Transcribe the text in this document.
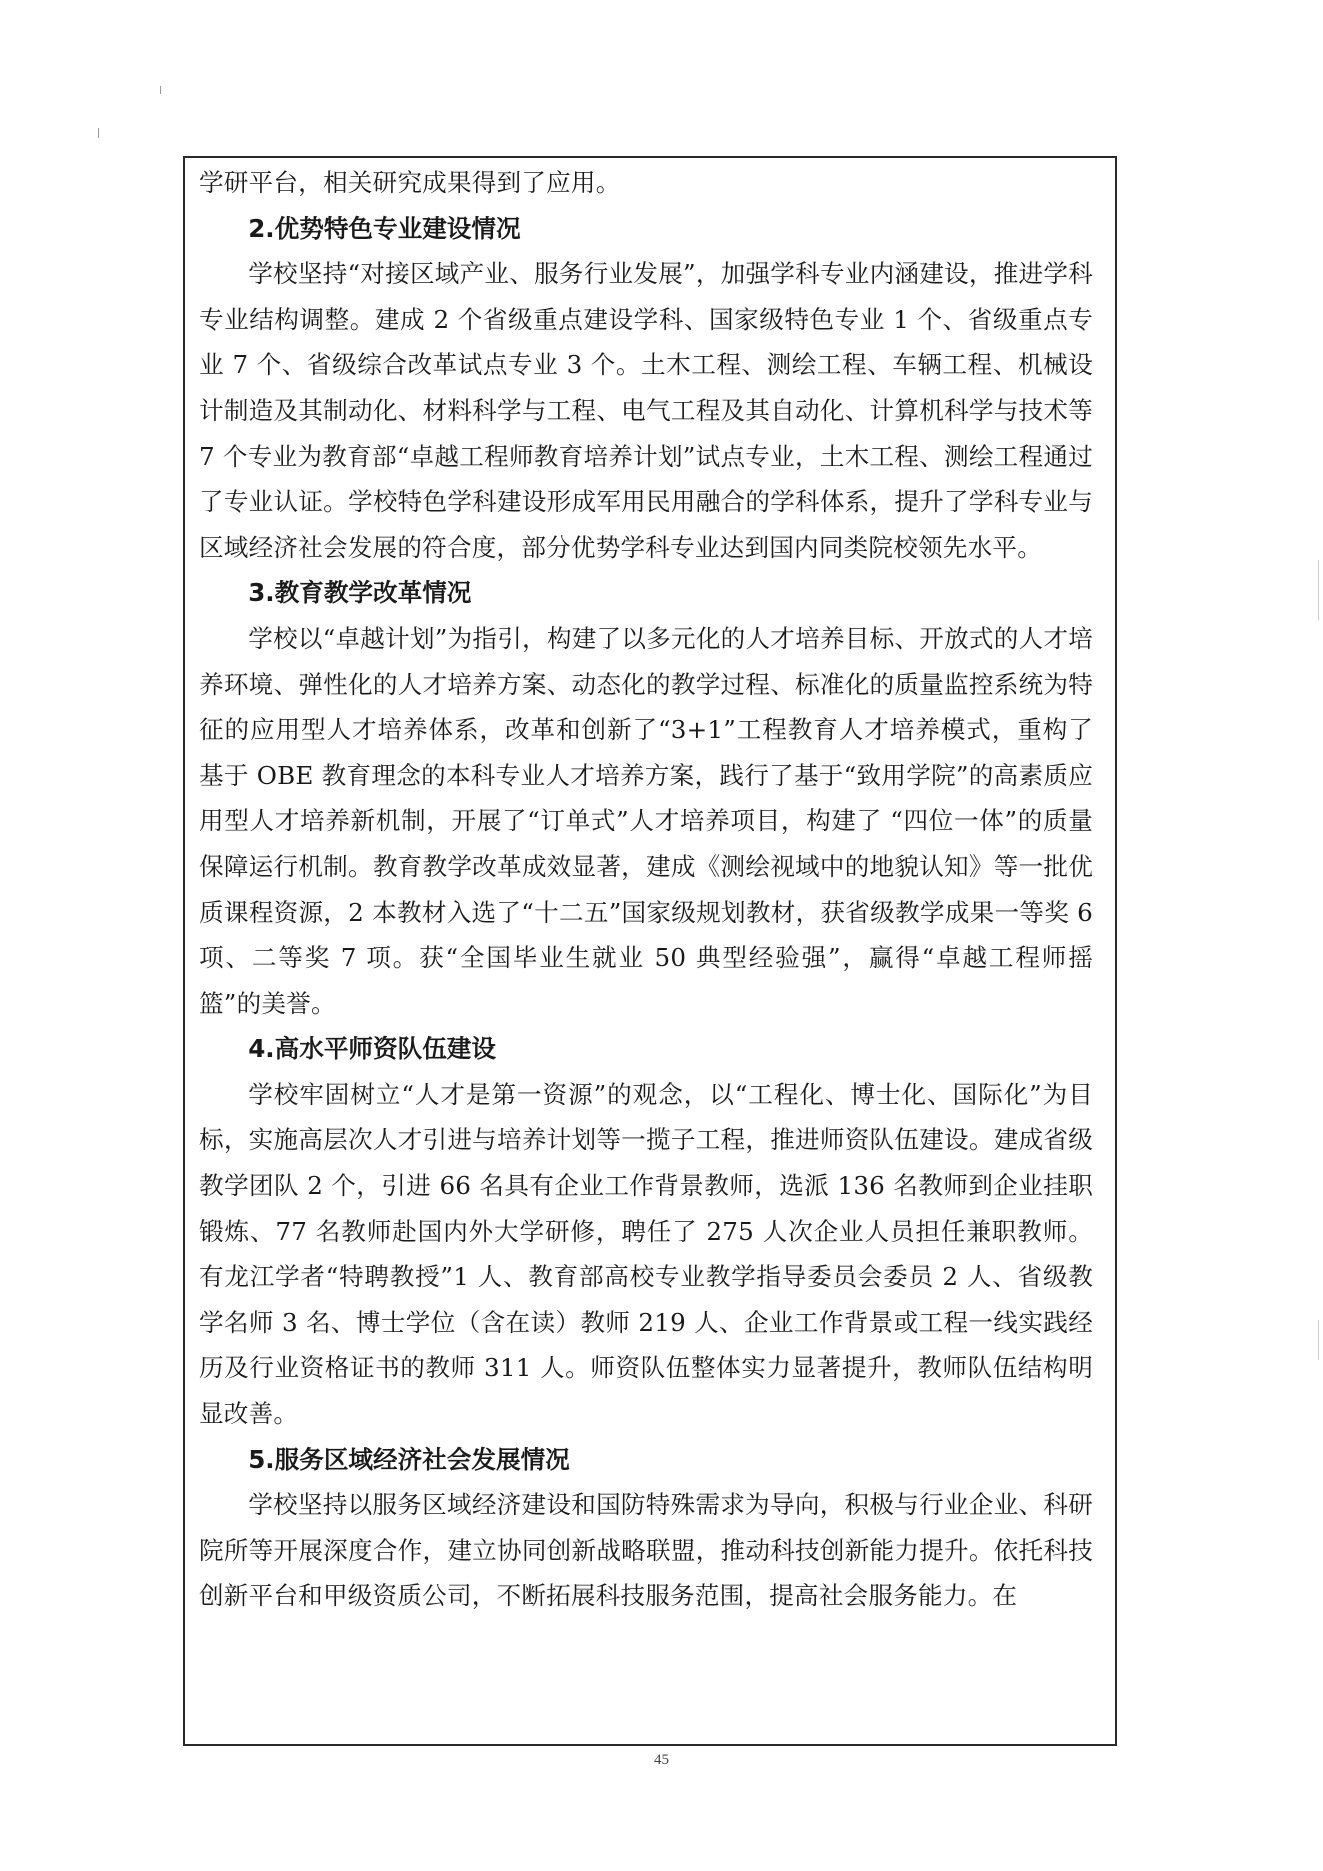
学研平台，相关研究成果得到了应用。

2.优势特色专业建设情况

学校坚持“对接区域产业、服务行业发展”，加强学科专业内涵建设，推进学科专业结构调整。建成 2 个省级重点建设学科、国家级特色专业 1 个、省级重点专业 7 个、省级综合改革试点专业 3 个。土木工程、测绘工程、车辆工程、机械设计制造及其制动化、材料科学与工程、电气工程及其自动化、计算机科学与技术等 7 个专业为教育部“卓越工程师教育培养计划”试点专业，土木工程、测绘工程通过了专业认证。学校特色学科建设形成军用民用融合的学科体系，提升了学科专业与区域经济社会发展的符合度，部分优势学科专业达到国内同类院校领先水平。

3.教育教学改革情况

学校以“卓越计划”为指引，构建了以多元化的人才培养目标、开放式的人才培养环境、弹性化的人才培养方案、动态化的教学过程、标准化的质量监控系统为特征的应用型人才培养体系，改革和创新了“3+1”工程教育人才培养模式，重构了基于 OBE 教育理念的本科专业人才培养方案，践行了基于“致用学院”的高素质应用型人才培养新机制，开展了“订单式”人才培养项目，构建了 “四位一体”的质量保障运行机制。教育教学改革成效显著，建成《测绘视域中的地貌认知》等一批优质课程资源，2 本教材入选了“十二五”国家级规划教材，获省级教学成果一等奖 6 项、二等奖 7 项。获“全国毕业生就业 50 典型经验强”，赢得“卓越工程师摇篮”的美誉。

4.高水平师资队伍建设

学校牢固树立“人才是第一资源”的观念，以“工程化、博士化、国际化”为目标，实施高层次人才引进与培养计划等一揽子工程，推进师资队伍建设。建成省级教学团队 2 个，引进 66 名具有企业工作背景教师，选派 136 名教师到企业挂职锻炼、77 名教师赴国内外大学研修，聘任了 275 人次企业人员担任兼职教师。有龙江学者“特聘教授”1 人、教育部高校专业教学指导委员会委员 2 人、省级教学名师 3 名、博士学位（含在读）教师 219 人、企业工作背景或工程一线实践经历及行业资格证书的教师 311 人。师资队伍整体实力显著提升，教师队伍结构明显改善。

5.服务区域经济社会发展情况

学校坚持以服务区域经济建设和国防特殊需求为导向，积极与行业企业、科研院所等开展深度合作，建立协同创新战略联盟，推动科技创新能力提升。依托科技创新平台和甲级资质公司，不断拓展科技服务范围，提高社会服务能力。在

45
